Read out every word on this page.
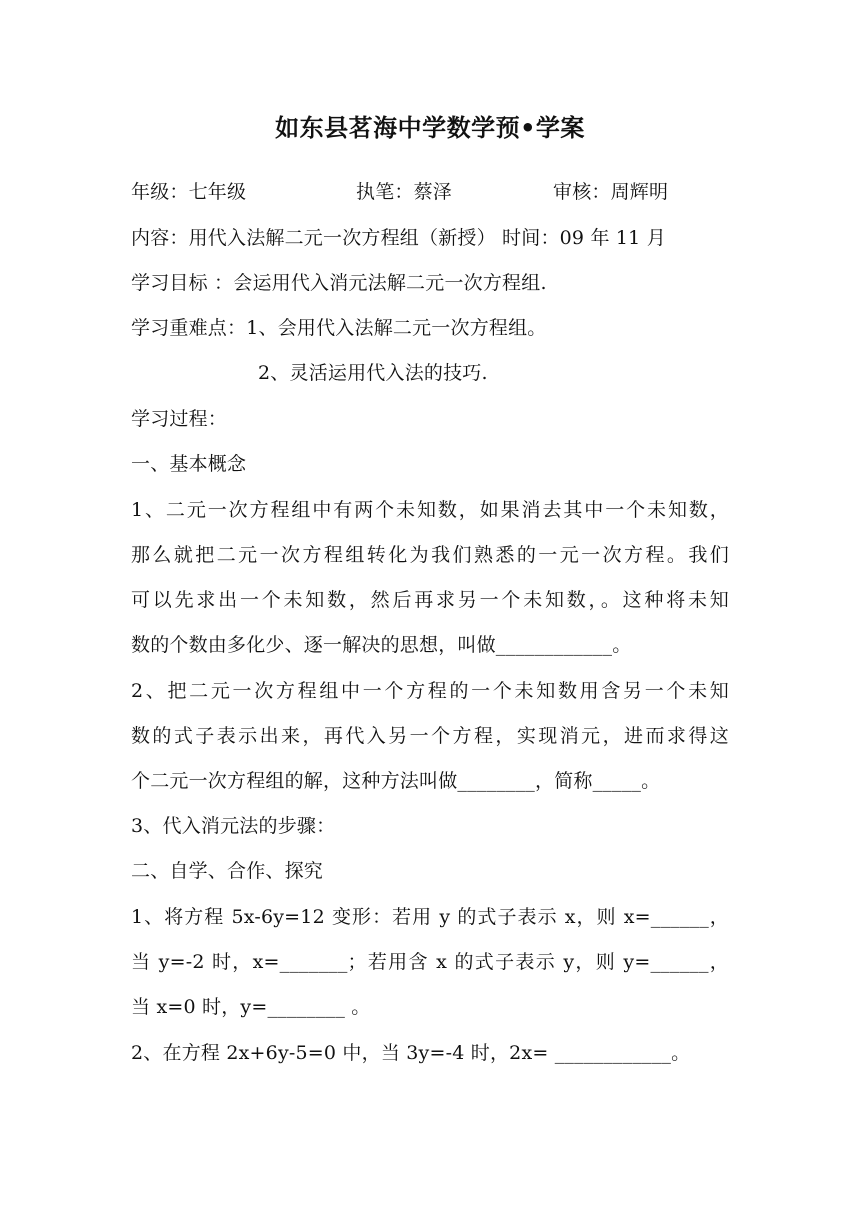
如东县茗海中学数学预•学案
年级：七年级	执笔：蔡泽	审核：周辉明
内容：用代入法解二元一次方程组（新授） 时间：09 年 11 月
学习目标 ：会运用代入消元法解二元一次方程组.
学习重难点：1、会用代入法解二元一次方程组。
2、灵活运用代入法的技巧.
学习过程：
一、基本概念
1、二元一次方程组中有两个未知数，如果消去其中一个未知数，
那么就把二元一次方程组转化为我们熟悉的一元一次方程。我们
可以先求出一个未知数，然后再求另一个未知数，。这种将未知
数的个数由多化少、逐一解决的思想，叫做____________。
2、把二元一次方程组中一个方程的一个未知数用含另一个未知
数的式子表示出来，再代入另一个方程，实现消元，进而求得这
个二元一次方程组的解，这种方法叫做________，简称_____。
3、代入消元法的步骤：
二、自学、合作、探究
1、将方程 5x-6y=12 变形：若用 y 的式子表示 x，则 x=______，
当 y=-2 时，x=_______；若用含 x 的式子表示 y，则 y=______，
当 x=0 时，y=________ 。
2、在方程 2x+6y-5=0 中，当 3y=-4 时，2x= ____________。
